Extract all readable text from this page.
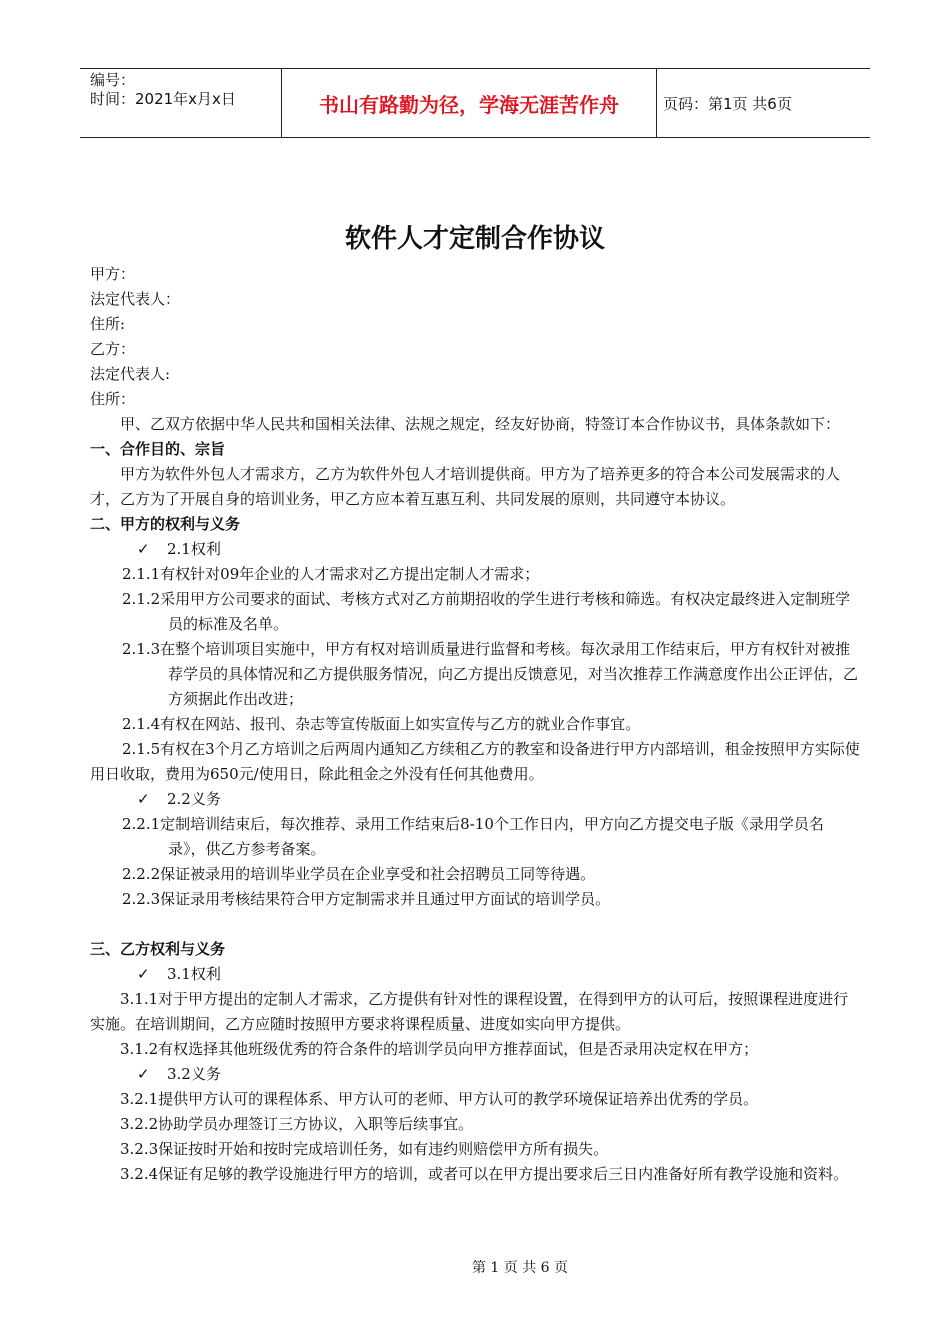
编号：
时间：2021年x月x日	书山有路勤为径，学海无涯苦作舟	页码：第1页 共6页
软件人才定制合作协议

甲方：

法定代表人：

住所:

乙方：

法定代表人:

住所：

甲、乙双方依据中华人民共和国相关法律、法规之规定，经友好协商，特签订本合作协议书，具体条款如下：

一、合作目的、宗旨

甲方为软件外包人才需求方，乙方为软件外包人才培训提供商。甲方为了培养更多的符合本公司发展需求的人才，乙方为了开展自身的培训业务，甲乙方应本着互惠互利、共同发展的原则，共同遵守本协议。

二、甲方的权利与义务

✓ 2.1权利

2.1.1有权针对09年企业的人才需求对乙方提出定制人才需求；

2.1.2采用甲方公司要求的面试、考核方式对乙方前期招收的学生进行考核和筛选。有权决定最终进入定制班学员的标准及名单。

2.1.3在整个培训项目实施中，甲方有权对培训质量进行监督和考核。每次录用工作结束后，甲方有权针对被推荐学员的具体情况和乙方提供服务情况，向乙方提出反馈意见，对当次推荐工作满意度作出公正评估，乙方须据此作出改进；

2.1.4有权在网站、报刊、杂志等宣传版面上如实宣传与乙方的就业合作事宜。

2.1.5有权在3个月乙方培训之后两周内通知乙方续租乙方的教室和设备进行甲方内部培训，租金按照甲方实际使用日收取，费用为650元/使用日，除此租金之外没有任何其他费用。

✓ 2.2义务

2.2.1定制培训结束后，每次推荐、录用工作结束后8-10个工作日内，甲方向乙方提交电子版《录用学员名录》，供乙方参考备案。

2.2.2保证被录用的培训毕业学员在企业享受和社会招聘员工同等待遇。

2.2.3保证录用考核结果符合甲方定制需求并且通过甲方面试的培训学员。

三、乙方权利与义务

✓ 3.1权利

3.1.1对于甲方提出的定制人才需求，乙方提供有针对性的课程设置，在得到甲方的认可后，按照课程进度进行实施。在培训期间，乙方应随时按照甲方要求将课程质量、进度如实向甲方提供。

3.1.2有权选择其他班级优秀的符合条件的培训学员向甲方推荐面试，但是否录用决定权在甲方；

✓ 3.2义务

3.2.1提供甲方认可的课程体系、甲方认可的老师、甲方认可的教学环境保证培养出优秀的学员。

3.2.2协助学员办理签订三方协议，入职等后续事宜。

3.2.3保证按时开始和按时完成培训任务，如有违约则赔偿甲方所有损失。

3.2.4保证有足够的教学设施进行甲方的培训，或者可以在甲方提出要求后三日内准备好所有教学设施和资料。

第 1 页 共 6 页
